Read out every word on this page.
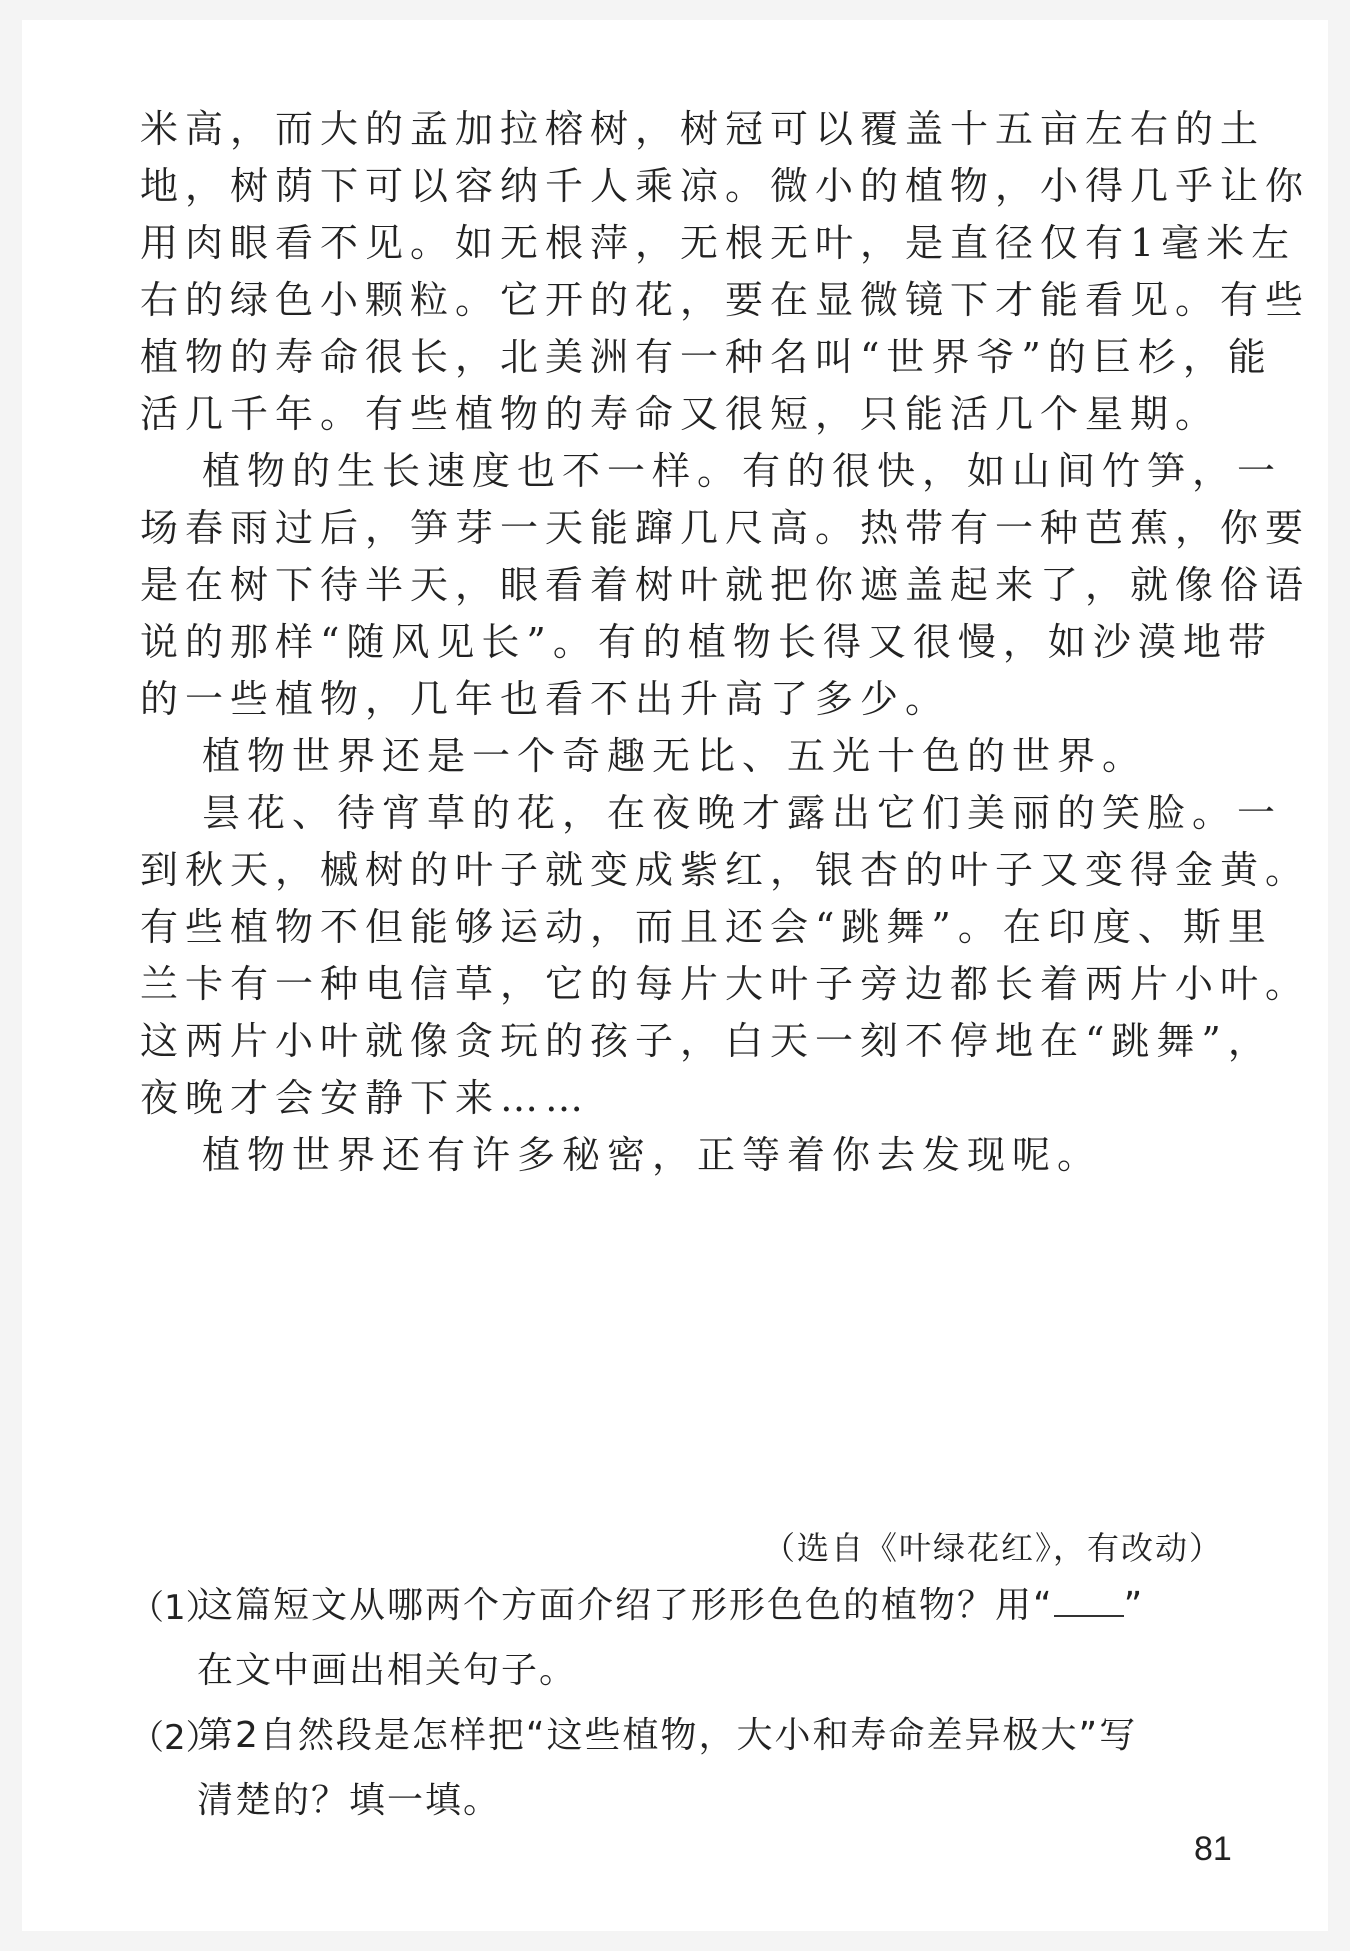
米高，而大的孟加拉榕树，树冠可以覆盖十五亩左右的土
地，树荫下可以容纳千人乘凉。微小的植物，小得几乎让你
用肉眼看不见。如无根萍，无根无叶，是直径仅有1毫米左
右的绿色小颗粒。它开的花，要在显微镜下才能看见。有些
植物的寿命很长，北美洲有一种名叫“世界爷”的巨杉，能
活几千年。有些植物的寿命又很短，只能活几个星期。
植物的生长速度也不一样。有的很快，如山间竹笋，一
场春雨过后，笋芽一天能蹿几尺高。热带有一种芭蕉，你要
是在树下待半天，眼看着树叶就把你遮盖起来了，就像俗语
说的那样“随风见长”。有的植物长得又很慢，如沙漠地带
的一些植物，几年也看不出升高了多少。
植物世界还是一个奇趣无比、五光十色的世界。
昙花、待宵草的花，在夜晚才露出它们美丽的笑脸。一
到秋天，槭树的叶子就变成紫红，银杏的叶子又变得金黄。
有些植物不但能够运动，而且还会“跳舞”。在印度、斯里
兰卡有一种电信草，它的每片大叶子旁边都长着两片小叶。
这两片小叶就像贪玩的孩子，白天一刻不停地在“跳舞”，
夜晚才会安静下来……
植物世界还有许多秘密，正等着你去发现呢。
（选自《叶绿花红》，有改动）
（1）
这篇短文从哪两个方面介绍了形形色色的植物？用“ ”
在文中画出相关句子。
（2）
第2自然段是怎样把“这些植物，大小和寿命差异极大”写
清楚的？填一填。
81
